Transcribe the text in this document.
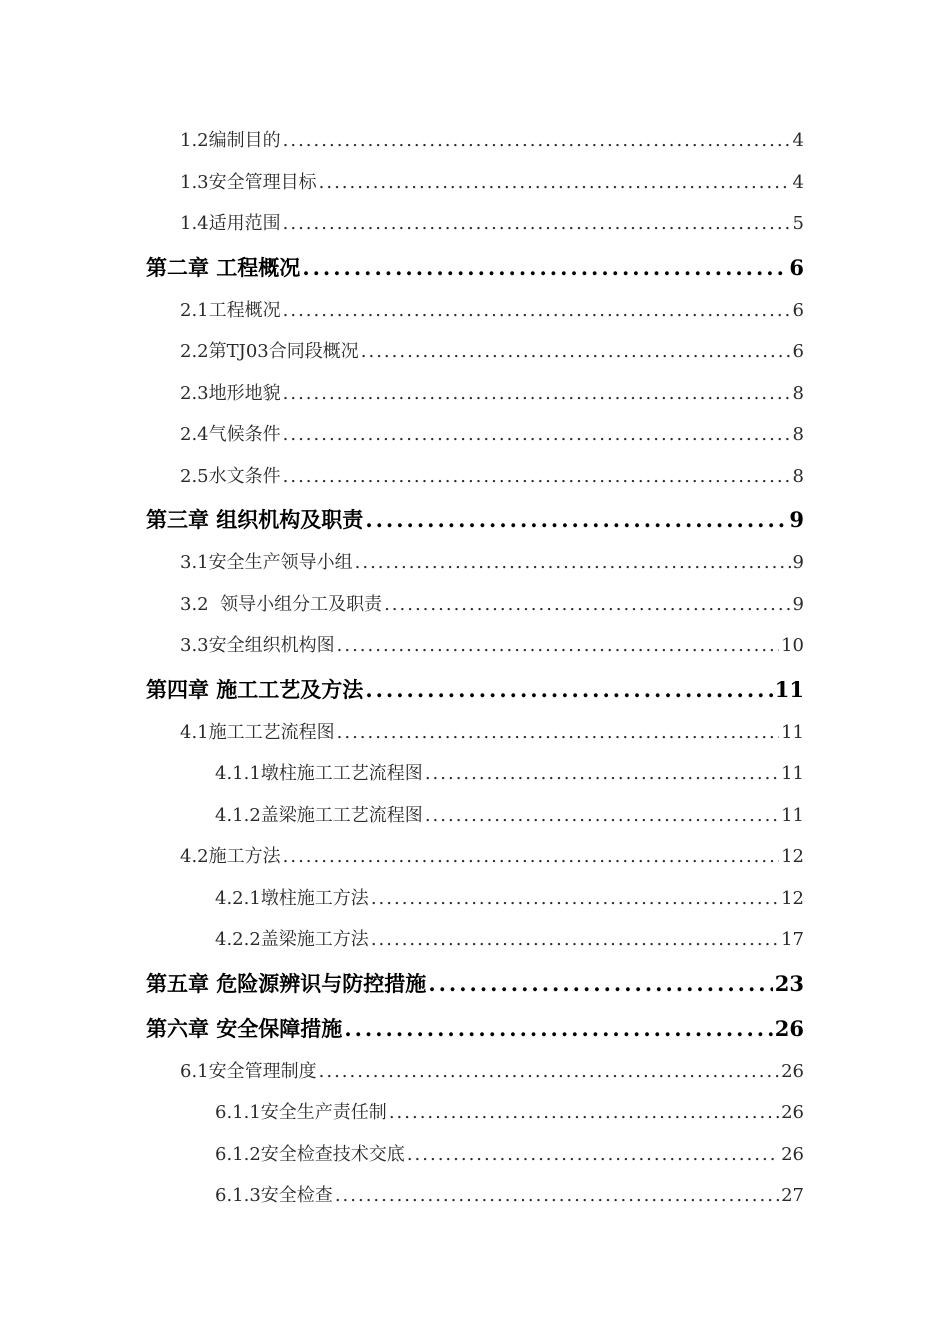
1.2编制目的 .....	4
1.3安全管理目标 .....	4
1.4适用范围 .....	5
第二章 工程概况 .....	6
2.1工程概况 .....	6
2.2第TJ03合同段概况 .....	6
2.3地形地貌 .....	8
2.4气候条件 .....	8
2.5水文条件 .....	8
第三章 组织机构及职责 .....	9
3.1安全生产领导小组 .....	9
3.2  领导小组分工及职责 .....	9
3.3安全组织机构图 .....	10
第四章 施工工艺及方法 .....	11
4.1施工工艺流程图 .....	11
4.1.1墩柱施工工艺流程图 .....	11
4.1.2盖梁施工工艺流程图 .....	11
4.2施工方法 .....	12
4.2.1墩柱施工方法 .....	12
4.2.2盖梁施工方法 .....	17
第五章 危险源辨识与防控措施 .....	23
第六章 安全保障措施 .....	26
6.1安全管理制度 .....	26
6.1.1安全生产责任制 .....	26
6.1.2安全检查技术交底 .....	26
6.1.3安全检查 .....	27
